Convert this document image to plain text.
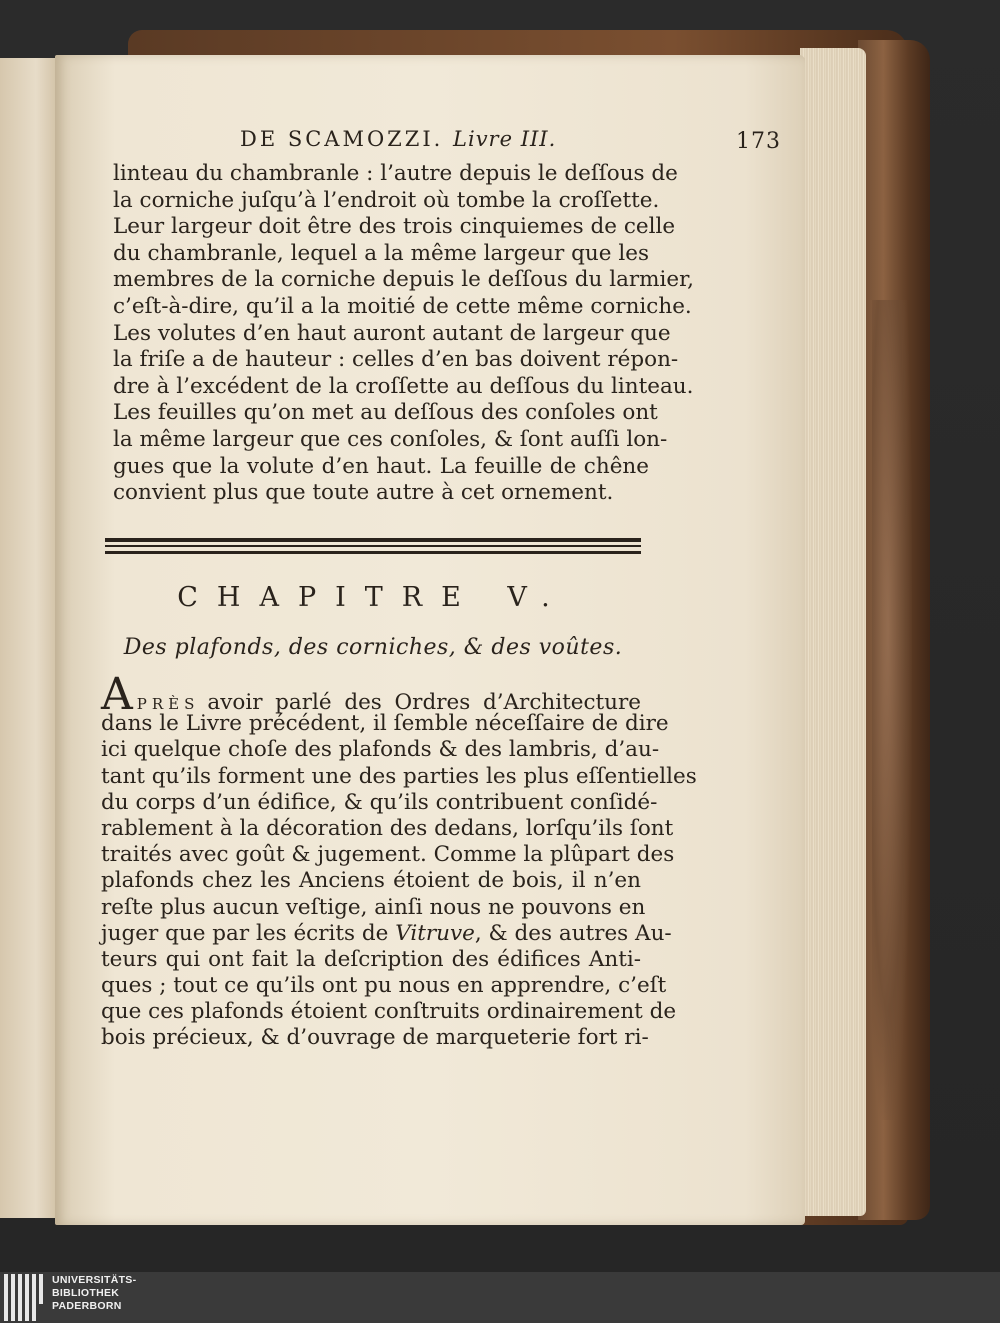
DE SCAMOZZI. Livre III.	173
linteau du chambranle : l’autre depuis le deſſous de
la corniche juſqu’à l’endroit où tombe la croſſette.
Leur largeur doit être des trois cinquiemes de celle
du chambranle, lequel a la même largeur que les
membres de la corniche depuis le deſſous du larmier,
c’eſt-à-dire, qu’il a la moitié de cette même corniche.
Les volutes d’en haut auront autant de largeur que
la friſe a de hauteur : celles d’en bas doivent répon-
dre à l’excédent de la croſſette au deſſous du linteau.
Les feuilles qu’on met au deſſous des conſoles ont
la même largeur que ces conſoles, & ſont auſſi lon-
gues que la volute d’en haut. La feuille de chêne
convient plus que toute autre à cet ornement.
CHAPITRE V.
Des plafonds, des corniches, & des voûtes.
APRÈS avoir parlé des Ordres d’Architecture
dans le Livre précédent, il ſemble néceſſaire de dire
ici quelque choſe des plafonds & des lambris, d’au-
tant qu’ils forment une des parties les plus eſſentielles
du corps d’un édifice, & qu’ils contribuent conſidé-
rablement à la décoration des dedans, lorſqu’ils ſont
traités avec goût & jugement. Comme la plûpart des
plafonds chez les Anciens étoient de bois, il n’en
reſte plus aucun veſtige, ainſi nous ne pouvons en
juger que par les écrits de Vitruve, & des autres Au-
teurs qui ont fait la deſcription des édifices Anti-
ques ; tout ce qu’ils ont pu nous en apprendre, c’eſt
que ces plafonds étoient conſtruits ordinairement de
bois précieux, & d’ouvrage de marqueterie fort ri-
UNIVERSITÄTS-
BIBLIOTHEK
PADERBORN
